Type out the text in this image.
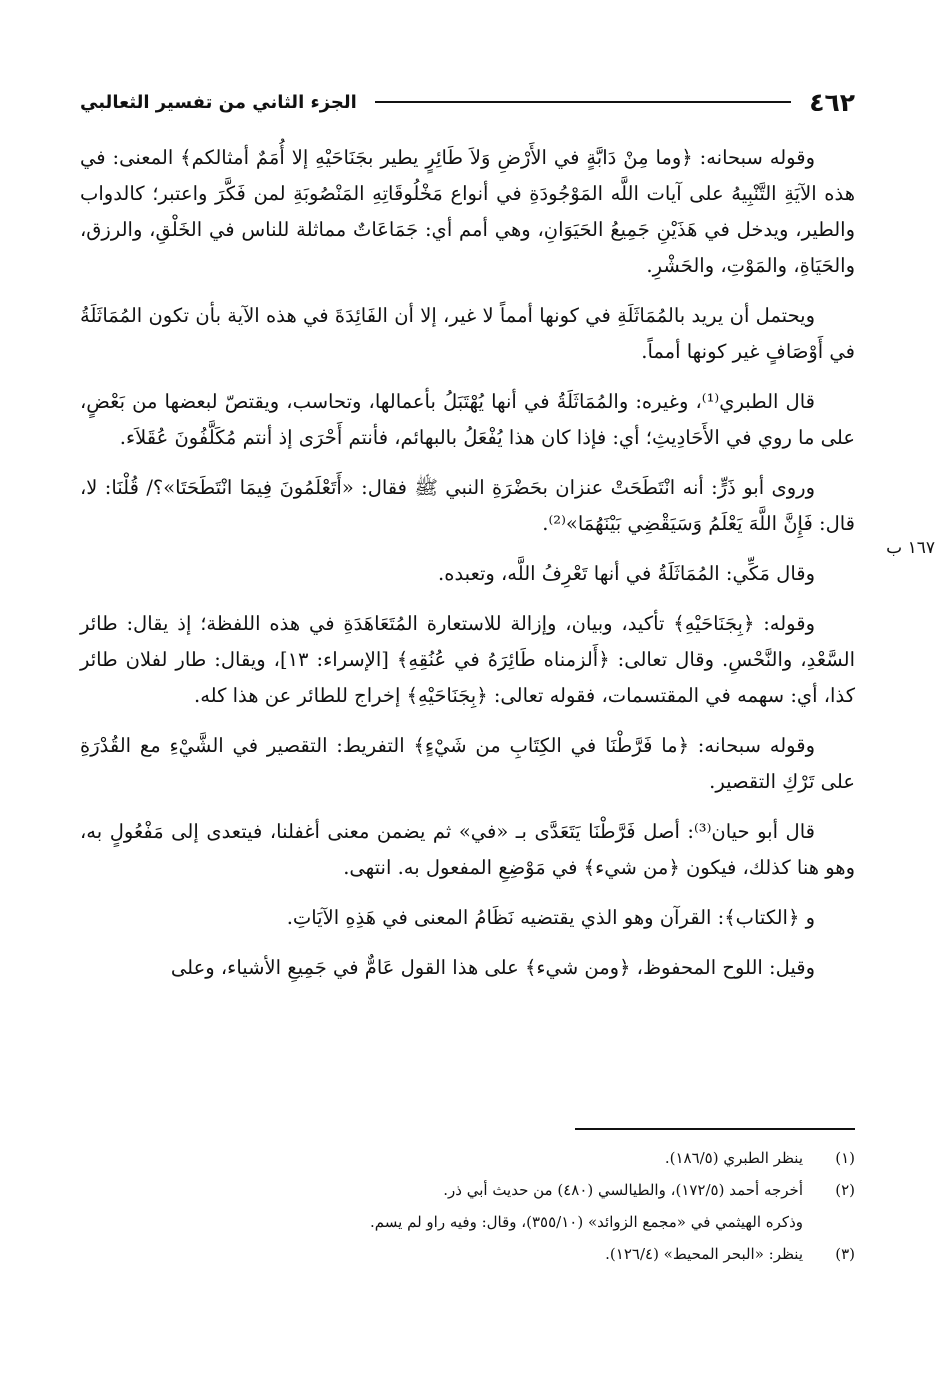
٤٦٢
الجزء الثاني من تفسير الثعالبي
١٦٧ ب

وقوله سبحانه: ﴿وما مِنْ دَابَّةٍ في الأَرْضِ وَلاَ طَائِرٍ يطير بجَنَاحَيْهِ إلا أُمَمٌ أمثالكم﴾ المعنى: في هذه الآيَةِ التَّنْبِيهُ على آيات اللَّه المَوْجُودَةِ في أنواع مَخْلُوقَاتِهِ المَنْصُوبَةِ لمن فَكَّرَ واعتبر؛ كالدواب والطير، ويدخل في هَذَيْنِ جَمِيعُ الحَيَوَانِ، وهي أمم أي: جَمَاعَاتٌ مماثلة للناس في الخَلْقِ، والرزق، والحَيَاةِ، والمَوْتِ، والحَشْرِ.

ويحتمل أن يريد بالمُمَاثَلَةِ في كونها أمماً لا غير، إلا أن الفَائِدَةَ في هذه الآية بأن تكون المُمَاثَلَةُ في أَوْصَافٍ غير كونها أمماً.

قال الطبري⁽¹⁾، وغيره: والمُمَاثَلَةُ في أنها يُهْتَبَلُ بأعمالها، وتحاسب، ويقتصّ لبعضها من بَعْضٍ، على ما روي في الأَحَادِيثِ؛ أي: فإذا كان هذا يُفْعَلُ بالبهائم، فأنتم أَحْرَى إذ أنتم مُكَلَّفُونَ عُقَلاَء.

وروى أبو ذَرٍّ: أنه انْتَطَحَتْ عنزان بحَضْرَةِ النبي ﷺ فقال: «أَتَعْلَمُونَ فِيمَا انْتَطَحَتَا»؟/ قُلْنَا: لا، قال: فَإِنَّ اللَّهَ يَعْلَمُ وَسَيَقْضِي بَيْنَهُمَا»⁽²⁾.

وقال مَكِّي: المُمَاثَلَةُ في أنها تَعْرِفُ اللَّه، وتعبده.

وقوله: ﴿بِجَنَاحَيْهِ﴾ تأكيد، وبيان، وإزالة للاستعارة المُتَعَاهَدَةِ في هذه اللفظة؛ إذ يقال: طائر السَّعْدِ، والنَّحْسِ. وقال تعالى: ﴿أَلزمناه طَائِرَهُ في عُنُقِهِ﴾ [الإسراء: ١٣]، ويقال: طار لفلان طائر كذا، أي: سهمه في المقتسمات، فقوله تعالى: ﴿بِجَنَاحَيْهِ﴾ إخراج للطائر عن هذا كله.

وقوله سبحانه: ﴿ما فَرَّطْنَا في الكِتَابِ من شَيْءٍ﴾ التفريط: التقصير في الشَّيْءِ مع القُدْرَةِ على تَرْكِ التقصير.

قال أبو حيان⁽³⁾: أصل فَرَّطْنَا يَتَعَدَّى بـ «في» ثم يضمن معنى أغفلنا، فيتعدى إلى مَفْعُولٍ به، وهو هنا كذلك، فيكون ﴿من شيء﴾ في مَوْضِعِ المفعول به. انتهى.

و ﴿الكتاب﴾: القرآن وهو الذي يقتضيه نَظَامُ المعنى في هَذِهِ الآيَاتِ.

وقيل: اللوح المحفوظ، ﴿ومن شيء﴾ على هذا القول عَامٌّ في جَمِيعِ الأشياء، وعلى

(١)
ينظر الطبري (١٨٦/٥).
(٢)
أخرجه أحمد (١٧٢/٥)، والطيالسي (٤٨٠) من حديث أبي ذر.
وذكره الهيثمي في «مجمع الزوائد» (٣٥٥/١٠)، وقال: وفيه راو لم يسم.
(٣)
ينظر: «البحر المحيط» (١٢٦/٤).
